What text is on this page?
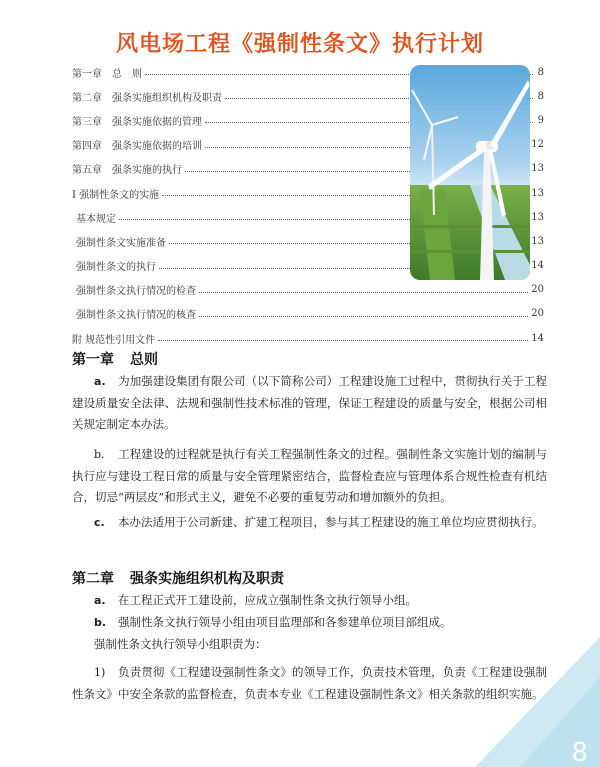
风电场工程《强制性条文》执行计划
第一章　总　则	8
第二章　强条实施组织机构及职责	8
第三章　强条实施依据的管理	9
第四章　强条实施依据的培训	12
第五章　强条实施的执行	13
I 强制性条文的实施	13
基本规定	13
强制性条文实施准备	13
强制性条文的执行	14
强制性条文执行情况的检查	20
强制性条文执行情况的核查	20
附 规范性引用文件	14
第一章 总则
a. 为加强建设集团有限公司（以下简称公司）工程建设施工过程中，贯彻执行关于工程建设质量安全法律、法规和强制性技术标准的管理，保证工程建设的质量与安全，根据公司相关规定制定本办法。
b. 工程建设的过程就是执行有关工程强制性条文的过程。强制性条文实施计划的编制与执行应与建设工程日常的质量与安全管理紧密结合，监督检查应与管理体系合规性检查有机结合，切忌“两层皮”和形式主义，避免不必要的重复劳动和增加额外的负担。
c. 本办法适用于公司新建、扩建工程项目，参与其工程建设的施工单位均应贯彻执行。
第二章 强条实施组织机构及职责
a. 在工程正式开工建设前，应成立强制性条文执行领导小组。
b. 强制性条文执行领导小组由项目监理部和各参建单位项目部组成。
强制性条文执行领导小组职责为：
1) 负责贯彻《工程建设强制性条文》的领导工作，负责技术管理，负责《工程建设强制性条文》中安全条款的监督检查，负责本专业《工程建设强制性条文》相关条款的组织实施。
8
